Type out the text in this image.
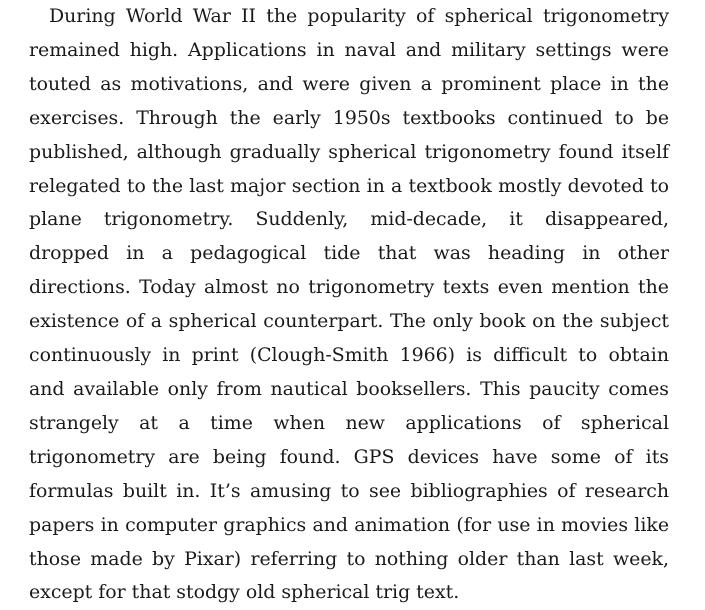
During World War II the popularity of spherical trigonometry remained high. Applications in naval and military settings were touted as motivations, and were given a prominent place in the exercises. Through the early 1950s textbooks continued to be published, although gradually spherical trigonometry found itself relegated to the last major section in a textbook mostly devoted to plane trigonometry. Suddenly, mid-decade, it disappeared, dropped in a pedagogical tide that was heading in other directions. Today almost no trigonometry texts even mention the existence of a spherical counterpart. The only book on the subject continuously in print (Clough-Smith 1966) is difficult to obtain and available only from nautical booksellers. This paucity comes strangely at a time when new applications of spherical trigonometry are being found. GPS devices have some of its formulas built in. It’s amusing to see bibliographies of research papers in computer graphics and animation (for use in movies like those made by Pixar) referring to nothing older than last week, except for that stodgy old spherical trig text.
